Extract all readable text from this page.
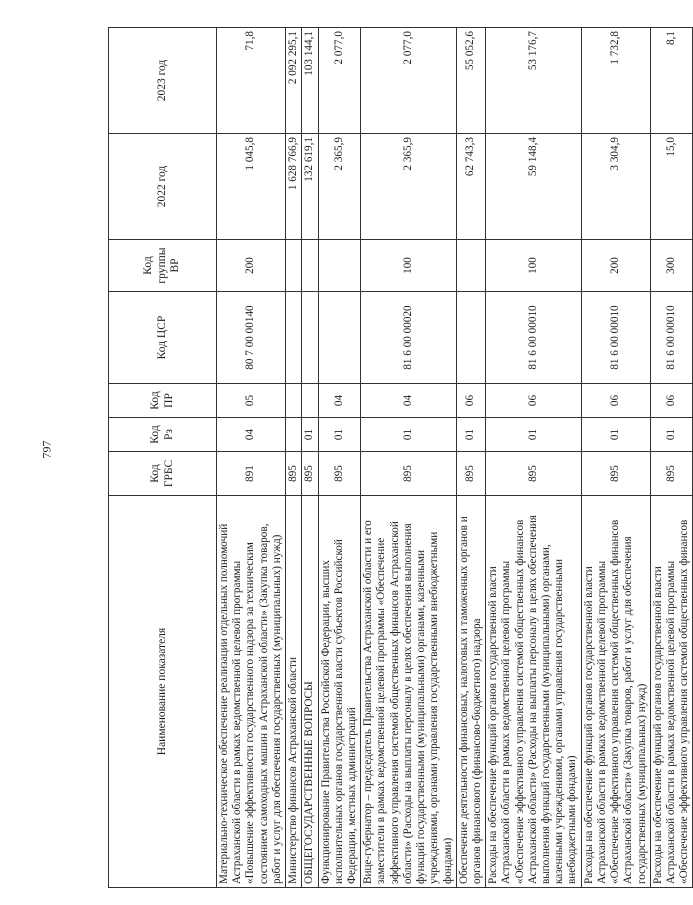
797
Наименование показателя	Код ГРБС	Код Рз	Код ПР	Код ЦСР	Код группы ВР	2022 год	2023 год
Материально-техническое обеспечение реализации отдельных полномочий Астраханской области в рамках ведомственной целевой программы «Повышение эффективности государственного надзора за техническим состоянием самоходных машин в Астраханской области» (Закупка товаров, работ и услуг для обеспечения государственных (муниципальных) нужд)	891	04	05	80 7 00 00140	200	1 045,8	71,8
Министерство финансов Астраханской области	895					1 628 766,9	2 092 295,1
ОБЩЕГОСУДАРСТВЕННЫЕ ВОПРОСЫ	895	01				132 619,1	103 144,1
Функционирование Правительства Российской Федерации, высших исполнительных органов государственной власти субъектов Российской Федерации, местных администраций	895	01	04			2 365,9	2 077,0
Вице-губернатор – председатель Правительства Астраханской области и его заместители в рамках ведомственной целевой программы «Обеспечение эффективного управления системой общественных финансов Астраханской области» (Расходы на выплаты персоналу в целях обеспечения выполнения функций государственными (муниципальными) органами, казенными учреждениями, органами управления государственными внебюджетными фондами)	895	01	04	81 6 00 00020	100	2 365,9	2 077,0
Обеспечение деятельности финансовых, налоговых и таможенных органов и органов финансового (финансово-бюджетного) надзора	895	01	06			62 743,3	55 052,6
Расходы на обеспечение функций органов государственной власти Астраханской области в рамках ведомственной целевой программы «Обеспечение эффективного управления системой общественных финансов Астраханской области» (Расходы на выплаты персоналу в целях обеспечения выполнения функций государственными (муниципальными) органами, казенными учреждениями, органами управления государственными внебюджетными фондами)	895	01	06	81 6 00 00010	100	59 148,4	53 176,7
Расходы на обеспечение функций органов государственной власти Астраханской области в рамках ведомственной целевой программы «Обеспечение эффективного управления системой общественных финансов Астраханской области» (Закупка товаров, работ и услуг для обеспечения государственных (муниципальных) нужд)	895	01	06	81 6 00 00010	200	3 304,9	1 732,8
Расходы на обеспечение функций органов государственной власти Астраханской области в рамках ведомственной целевой программы «Обеспечение эффективного управления системой общественных финансов	895	01	06	81 6 00 00010	300	15,0	8,1
